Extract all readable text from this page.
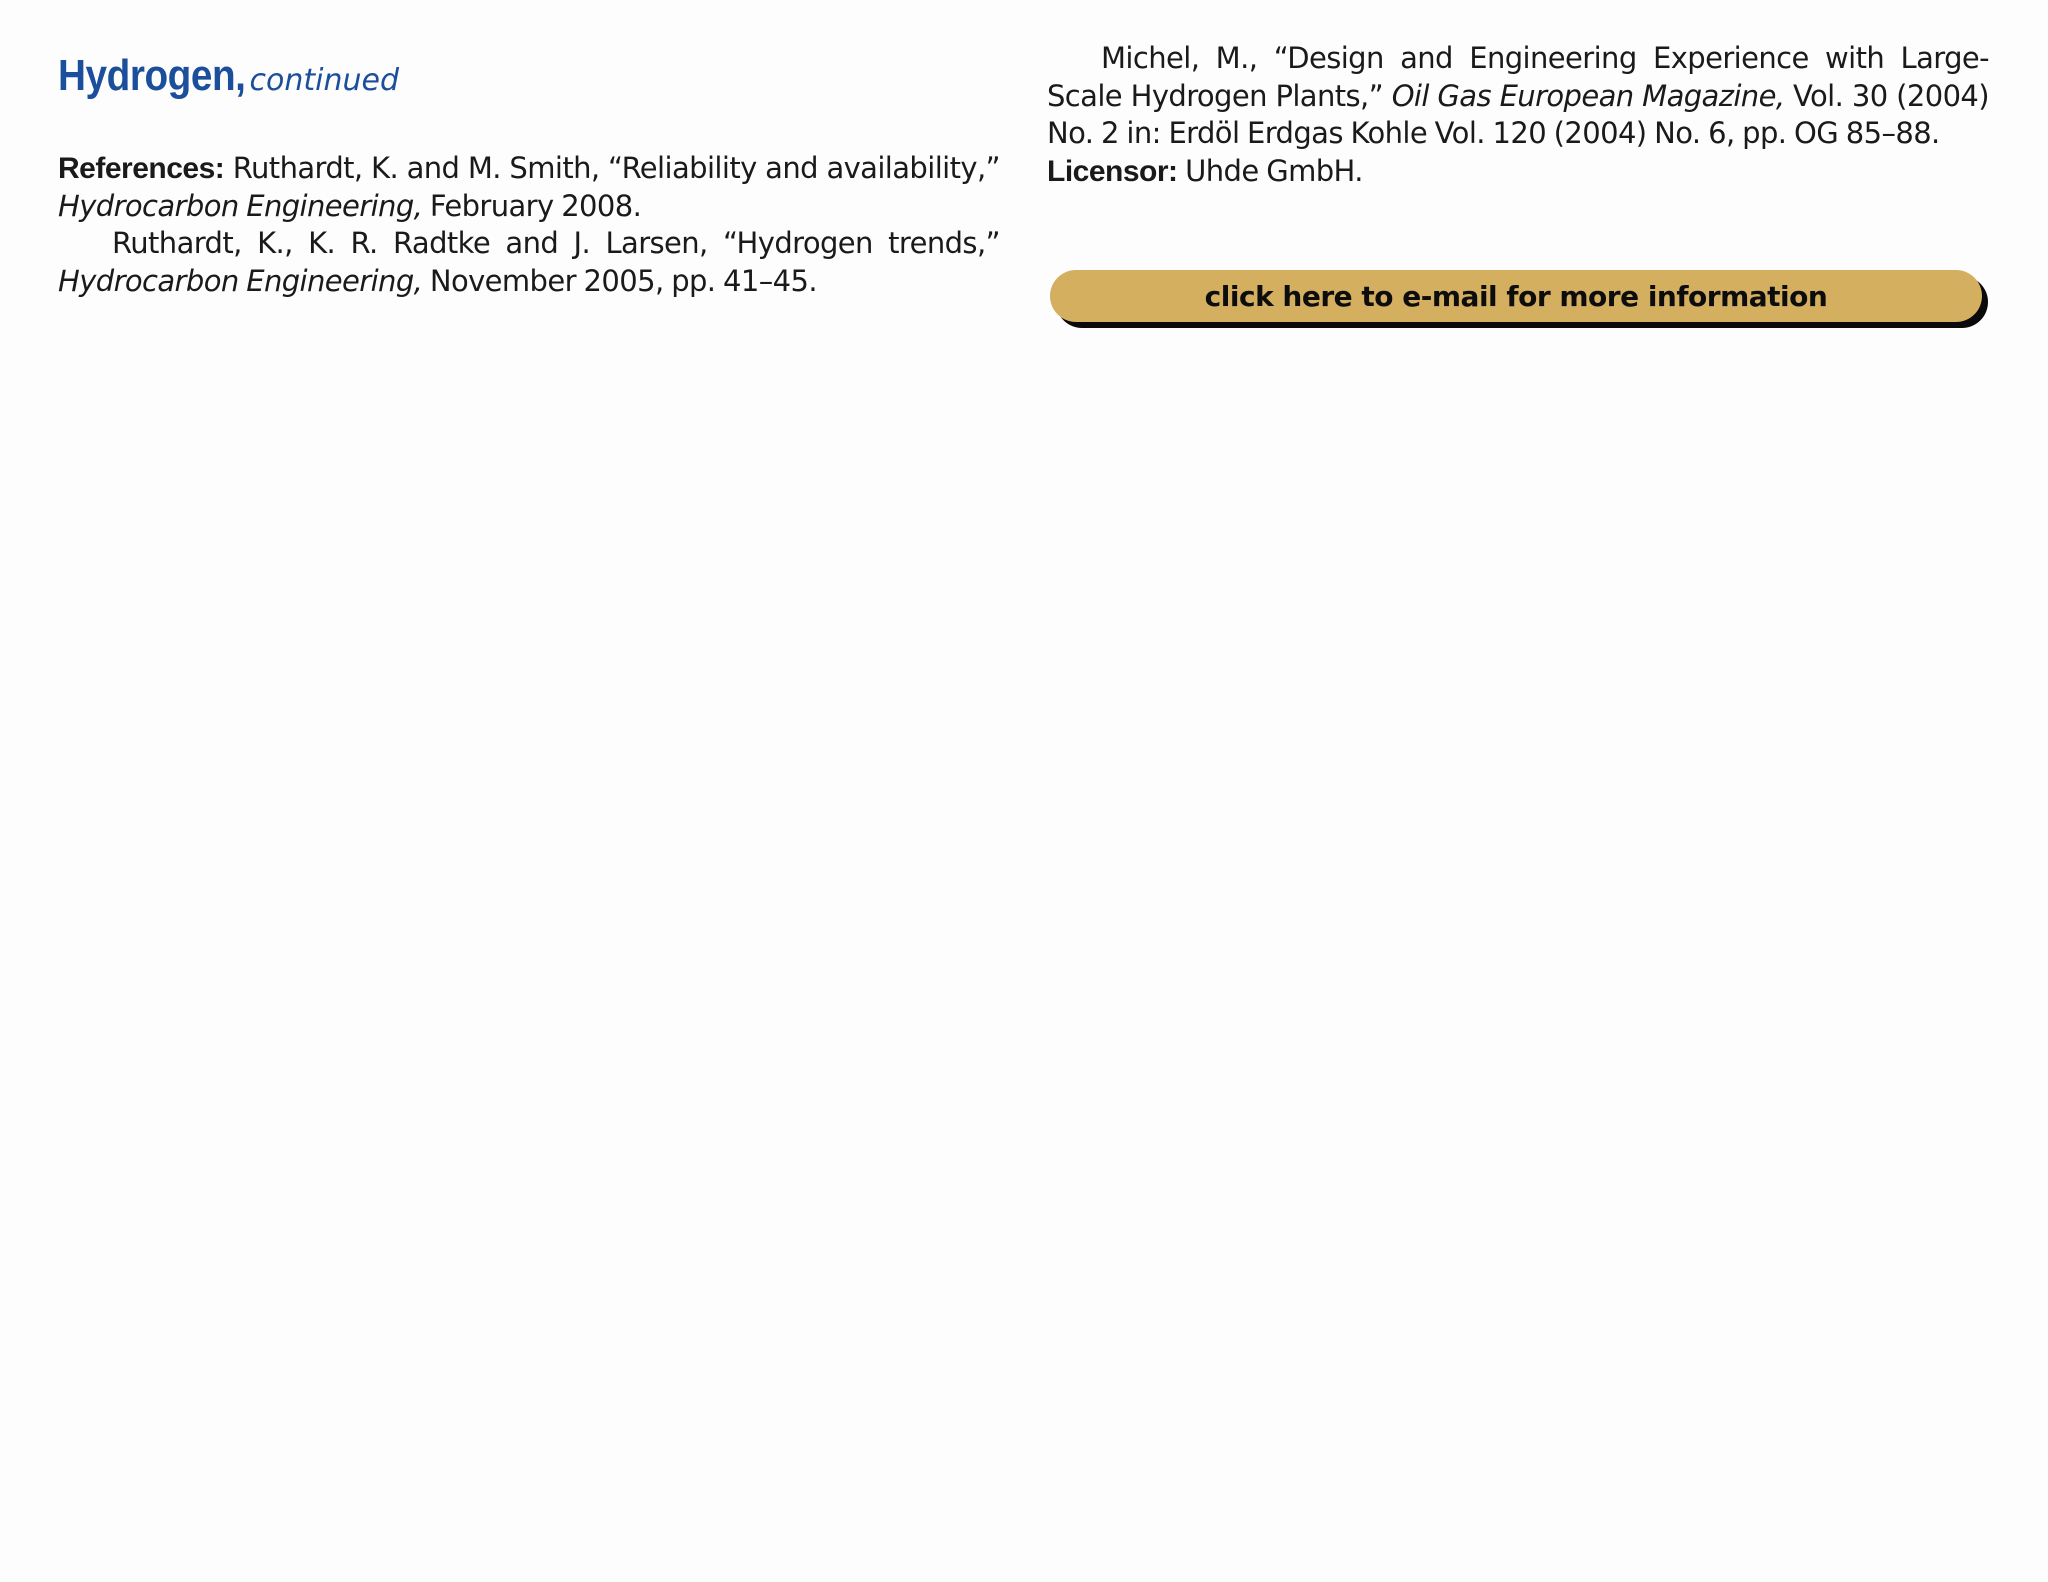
Hydrogen, continued

References: Ruthardt, K. and M. Smith, “Reliability and availability,” Hydrocarbon Engineering, February 2008.

Ruthardt, K., K. R. Radtke and J. Larsen, “Hydrogen trends,” Hydrocarbon Engineering, November 2005, pp. 41–45.

Michel, M., “Design and Engineering Experience with Large-Scale Hydrogen Plants,” Oil Gas European Magazine, Vol. 30 (2004) No. 2 in: Erdöl Erdgas Kohle Vol. 120 (2004) No. 6, pp. OG 85–88.

Licensor: Uhde GmbH.

click here to e-mail for more information
